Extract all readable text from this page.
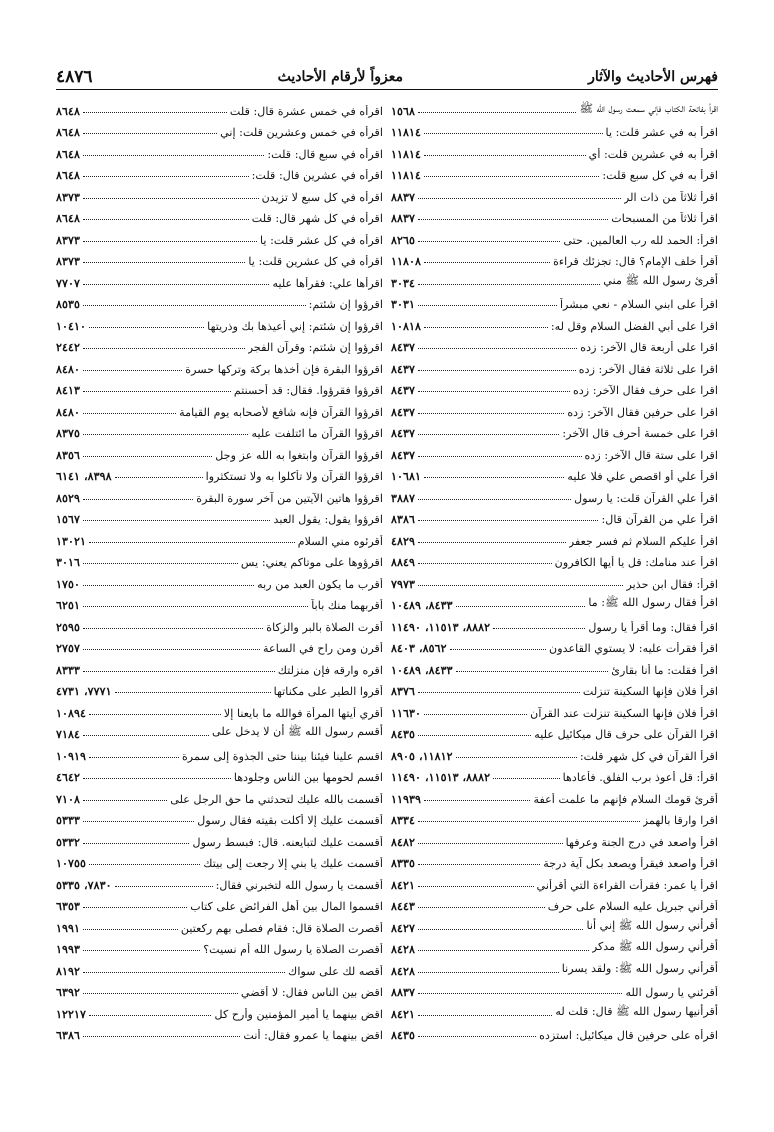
فهرس الأحاديث والآثار
معزواً لأرقام الأحاديث
٤٨٧٦
اقرأ بفاتحة الكتاب فإني سمعت رسول الله ﷺ
١٥٦٨
اقرأ به في عشر قلت: يا
١١٨١٤
اقرأ به في عشرين قلت: أي
١١٨١٤
اقرأ به في كل سبع قلت:
١١٨١٤
اقرأ ثلاثاً من ذات الر
٨٨٣٧
اقرأ ثلاثاً من المسبحات
٨٨٣٧
اقرأ: الحمد لله رب العالمين. حتى
٨٢٦٥
أقرأ خلف الإمام؟ قال: تجزئك قراءة
١١٨٠٨
أقرئ رسول الله ﷺ مني
٣٠٣٤
اقرأ على ابني السلام - نعي مبشراً
٣٠٣١
اقرا على أبي الفضل السلام وقل له:
١٠٨١٨
اقرا على أربعة قال الآخر: زده
٨٤٣٧
اقرا على ثلاثة فقال الآخر: زده
٨٤٣٧
اقرا على حرف فقال الآخر: زده
٨٤٣٧
اقرا على حرفين فقال الآخر: زده
٨٤٣٧
اقرا على خمسة أحرف قال الآخر:
٨٤٣٧
اقرا على ستة قال الآخر: زده
٨٤٣٧
اقرأ علي أو اقصص علي فلا عليه
١٠٦٨١
اقرأ علي القرآن قلت: يا رسول
٣٨٨٧
اقرأ علي من القرآن قال:
٨٣٨٦
اقرأ عليكم السلام ثم فسر جعفر
٤٨٢٩
اقرأ عند منامك: قل يا أيها الكافرون
٨٨٤٩
اقرأ: فقال ابن حذير
٧٩٧٣
اقرأ فقال رسول الله ﷺ: ما
٨٤٣٣، ١٠٤٨٩
اقرأ فقال: وما أقرأ يا رسول
٨٨٨٢، ١١٥١٣، ١١٤٩٠
اقرأ فقرأت عليه: لا يستوي القاعدون
٨٥٦٢، ٨٤٠٣
اقرأ فقلت: ما أنا بقارئ
٨٤٣٣، ١٠٤٨٩
اقرأ فلان فإنها السكينة تنزلت
٨٣٧٦
اقرأ فلان فإنها السكينة تنزلت عند القرآن
١١٦٣٠
اقرا القرآن على حرف قال ميكائيل عليه
٨٤٣٥
اقرأ القرآن في كل شهر قلت:
١١٨١٢، ٨٩٠٥
اقرأ: قل أعوذ برب الفلق. فأعادها
٨٨٨٢، ١١٥١٣، ١١٤٩٠
أقرئ قومك السلام فإنهم ما علمت أعفة
١١٩٣٩
اقرا وارقا بالهمز
٨٣٣٤
اقرأ واصعد في درج الجنة وعرفها
٨٤٨٢
اقرأ واصعد فيقرأ ويصعد بكل آية درجة
٨٣٣٥
اقرأ يا عمر: فقرأت القراءة التي أقرأني
٨٤٢١
أقرأني جبريل عليه السلام على حرف
٨٤٤٣
أقرأني رسول الله ﷺ إني أنا
٨٤٢٧
أقرأني رسول الله ﷺ مدكر
٨٤٢٨
أقرأني رسول الله ﷺ: ولقد يسرنا
٨٤٢٨
أقرئني يا رسول الله
٨٨٣٧
أقرأنيها رسول الله ﷺ قال: قلت له
٨٤٢١
اقرأه على حرفين قال ميكائيل: استزده
٨٤٣٥
اقرأه في خمس عشرة قال: قلت
٨٦٤٨
اقرأه في خمس وعشرين قلت: إني
٨٦٤٨
اقرأه في سبع قال: قلت:
٨٦٤٨
اقرأه في عشرين قال: قلت:
٨٦٤٨
اقرأه في كل سبع لا تزيدن
٨٣٧٣
اقرأه في كل شهر قال: قلت
٨٦٤٨
اقرأه في كل عشر قلت: يا
٨٣٧٣
اقرأه في كل عشرين قلت: يا
٨٣٧٣
اقرأها علي: فقرأها عليه
٧٧٠٧
اقرؤوا إن شئتم:
٨٥٣٥
اقرؤوا إن شئتم: إني أعيذها بك وذريتها
١٠٤١٠
اقرؤوا إن شئتم: وقرآن الفجر
٢٤٤٢
اقرؤوا البقرة فإن أخذها بركة وتركها حسرة
٨٤٨٠
اقرؤوا فقرؤوا. فقال: قد أحسنتم
٨٤١٣
اقرؤوا القرآن فإنه شافع لأصحابه يوم القيامة
٨٤٨٠
اقرؤوا القرآن ما ائتلفت عليه
٨٣٧٥
اقرؤوا القرآن وابتغوا به الله عز وجل
٨٣٥٦
اقرؤوا القرآن ولا تأكلوا به ولا تستكثروا
٨٣٩٨، ٦١٤١
اقرؤوا هاتين الآيتين من آخر سورة البقرة
٨٥٢٩
اقرؤوا يقول: يقول العبد
١٥٦٧
أقرئوه مني السلام
١٣٠٢١
اقرؤوها على موتاكم يعني: يس
٣٠١٦
أقرب ما يكون العبد من ربه
١٧٥٠
أقربهما منك باباً
٦٢٥١
أقرت الصلاة بالبر والزكاة
٢٥٩٥
أقرن ومن راح في الساعة
٢٧٥٧
اقره وارقه فإن منزلتك
٨٣٣٣
أقروا الطير على مكناتها
٧٧٧١، ٤٧٣١
أقري أيتها المرأة فوالله ما بايعنا إلا
١٠٨٩٤
أقسم رسول الله ﷺ أن لا يدخل على
٧١٨٤
اقسم علينا فيئنا بيننا حتى الجذوة إلى سمرة
١٠٩١٩
اقسم لحومها بين الناس وجلودها
٤٦٤٢
أقسمت بالله عليك لتحدثني ما حق الرجل على
٧١٠٨
أقسمت عليك إلا أكلت بقيته فقال رسول
٥٣٣٣
أقسمت عليك لتبايعنه. قال: فبسط رسول
٥٣٣٢
أقسمت عليك يا بني إلا رجعت إلى بيتك
١٠٧٥٥
أقسمت يا رسول الله لتخبرني فقال:
٧٨٣٠، ٥٣٣٥
اقسموا المال بين أهل الفرائض على كتاب
٦٣٥٣
أقصرت الصلاة قال: فقام فصلى بهم ركعتين
١٩٩١
أقصرت الصلاة يا رسول الله أم نسيت؟
١٩٩٣
أقصه لك على سواك
٨١٩٢
اقض بين الناس فقال: لا أقضي
٦٣٩٢
اقض بينهما يا أمير المؤمنين وأرح كل
١٢٢١٧
اقض بينهما يا عمرو فقال: أنت
٦٣٨٦
